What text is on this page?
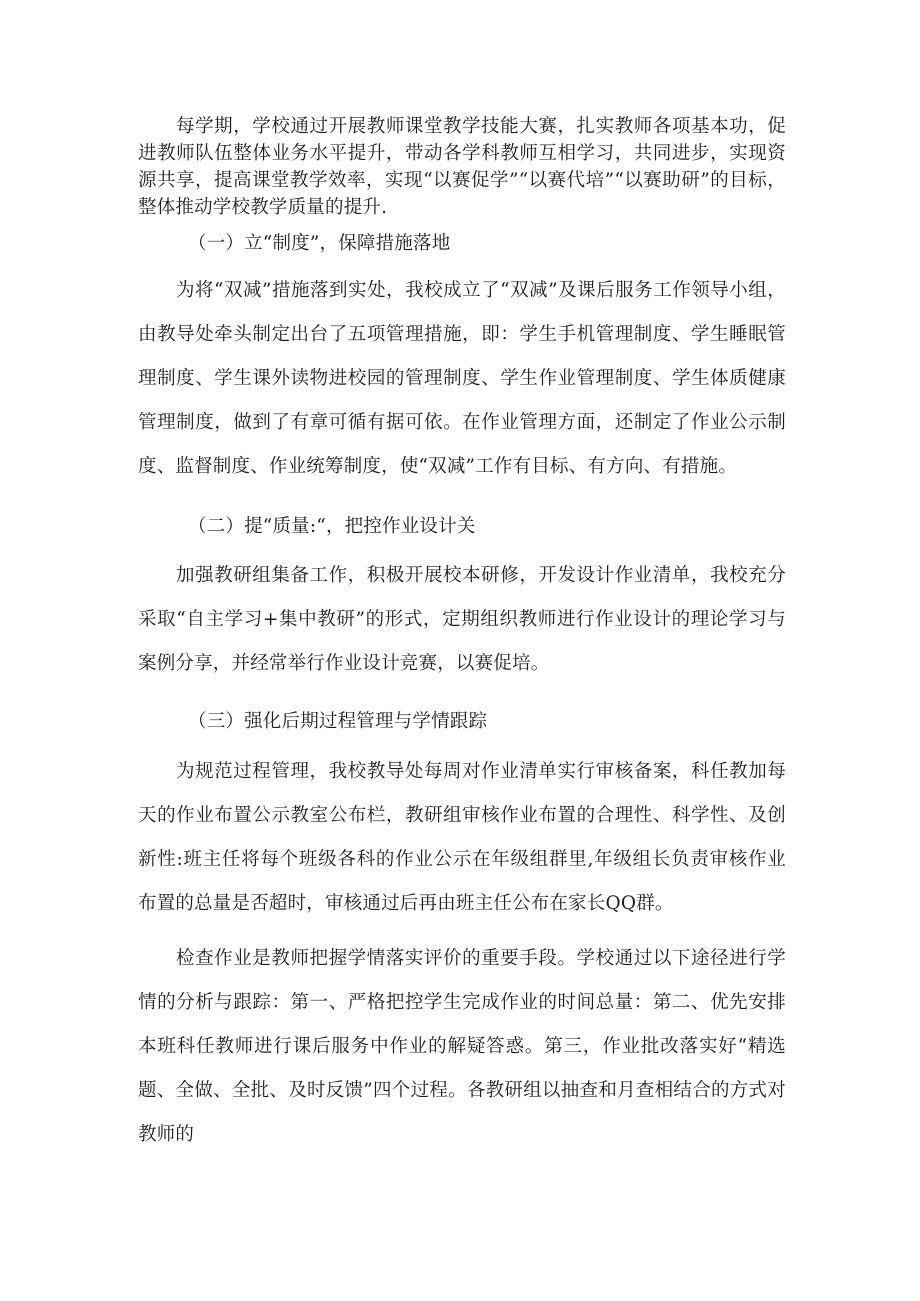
每学期，学校通过开展教师课堂教学技能大赛，扎实教师各项基本功，促进教师队伍整体业务水平提升，带动各学科教师互相学习，共同进步，实现资源共享，提高课堂教学效率，实现“以赛促学”“以赛代培”“以赛助研”的目标，整体推动学校教学质量的提升.

（一）立“制度”，保障措施落地

为将“双减”措施落到实处，我校成立了“双减”及课后服务工作领导小组，由教导处牵头制定出台了五项管理措施，即：学生手机管理制度、学生睡眠管理制度、学生课外读物进校园的管理制度、学生作业管理制度、学生体质健康管理制度，做到了有章可循有据可依。在作业管理方面，还制定了作业公示制度、监督制度、作业统筹制度，使“双减”工作有目标、有方向、有措施。

（二）提“质量:“，把控作业设计关

加强教研组集备工作，积极开展校本研修，开发设计作业清单，我校充分采取“自主学习+集中教研”的形式，定期组织教师进行作业设计的理论学习与案例分享，并经常举行作业设计竞赛，以赛促培。

（三）强化后期过程管理与学情跟踪

为规范过程管理，我校教导处每周对作业清单实行审核备案，科任教加每天的作业布置公示教室公布栏，教研组审核作业布置的合理性、科学性、及创新性:班主任将每个班级各科的作业公示在年级组群里,年级组长负责审核作业布置的总量是否超时，审核通过后再由班主任公布在家长QQ群。

检查作业是教师把握学情落实评价的重要手段。学校通过以下途径进行学情的分析与跟踪：第一、严格把控学生完成作业的时间总量：第二、优先安排本班科任教师进行课后服务中作业的解疑答惑。第三，作业批改落实好“精选题、全做、全批、及时反馈”四个过程。各教研组以抽查和月查相结合的方式对教师的
